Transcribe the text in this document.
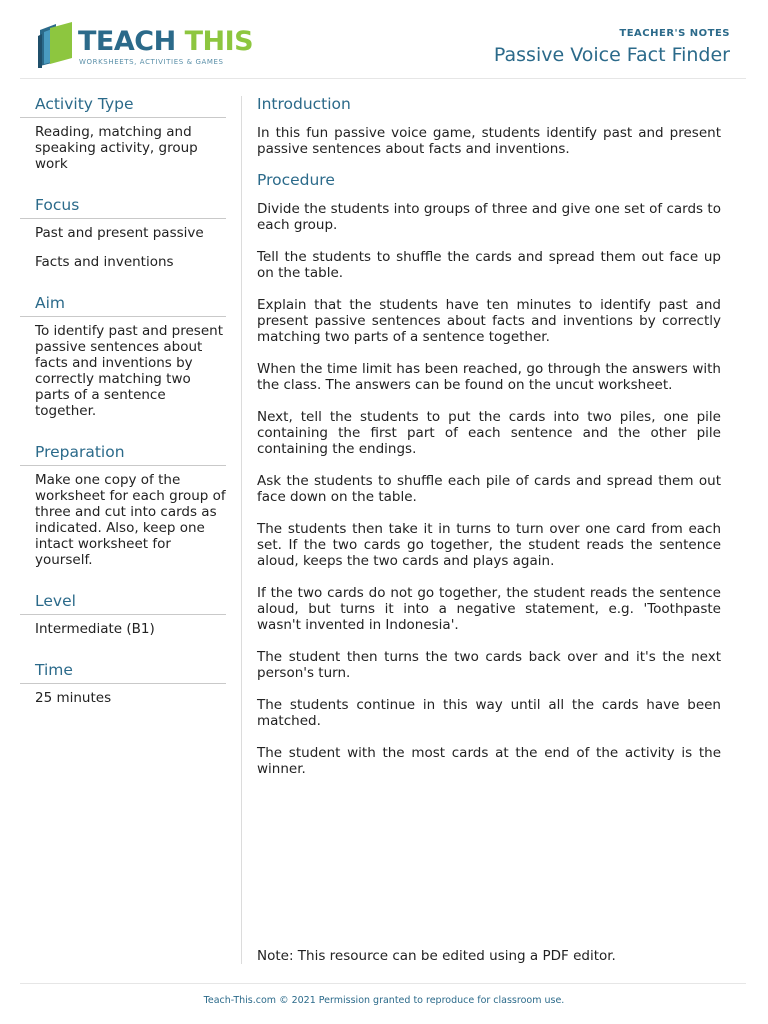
TEACH THIS
WORKSHEETS, ACTIVITIES & GAMES
TEACHER'S NOTES
Passive Voice Fact Finder
Activity Type

Reading, matching and speaking activity, group work

Focus

Past and present passive

Facts and inventions

Aim

To identify past and present passive sentences about facts and inventions by correctly matching two parts of a sentence together.

Preparation

Make one copy of the worksheet for each group of three and cut into cards as indicated. Also, keep one intact worksheet for yourself.

Level

Intermediate (B1)

Time

25 minutes

Introduction

In this fun passive voice game, students identify past and present passive sentences about facts and inventions.

Procedure

Divide the students into groups of three and give one set of cards to each group.

Tell the students to shuffle the cards and spread them out face up on the table.

Explain that the students have ten minutes to identify past and present passive sentences about facts and inventions by correctly matching two parts of a sentence together.

When the time limit has been reached, go through the answers with the class. The answers can be found on the uncut worksheet.

Next, tell the students to put the cards into two piles, one pile containing the first part of each sentence and the other pile containing the endings.

Ask the students to shuffle each pile of cards and spread them out face down on the table.

The students then take it in turns to turn over one card from each set. If the two cards go together, the student reads the sentence aloud, keeps the two cards and plays again.

If the two cards do not go together, the student reads the sentence aloud, but turns it into a negative statement, e.g. 'Toothpaste wasn't invented in Indonesia'.

The student then turns the two cards back over and it's the next person's turn.

The students continue in this way until all the cards have been matched.

The student with the most cards at the end of the activity is the winner.

Note: This resource can be edited using a PDF editor.
Teach-This.com © 2021 Permission granted to reproduce for classroom use.
